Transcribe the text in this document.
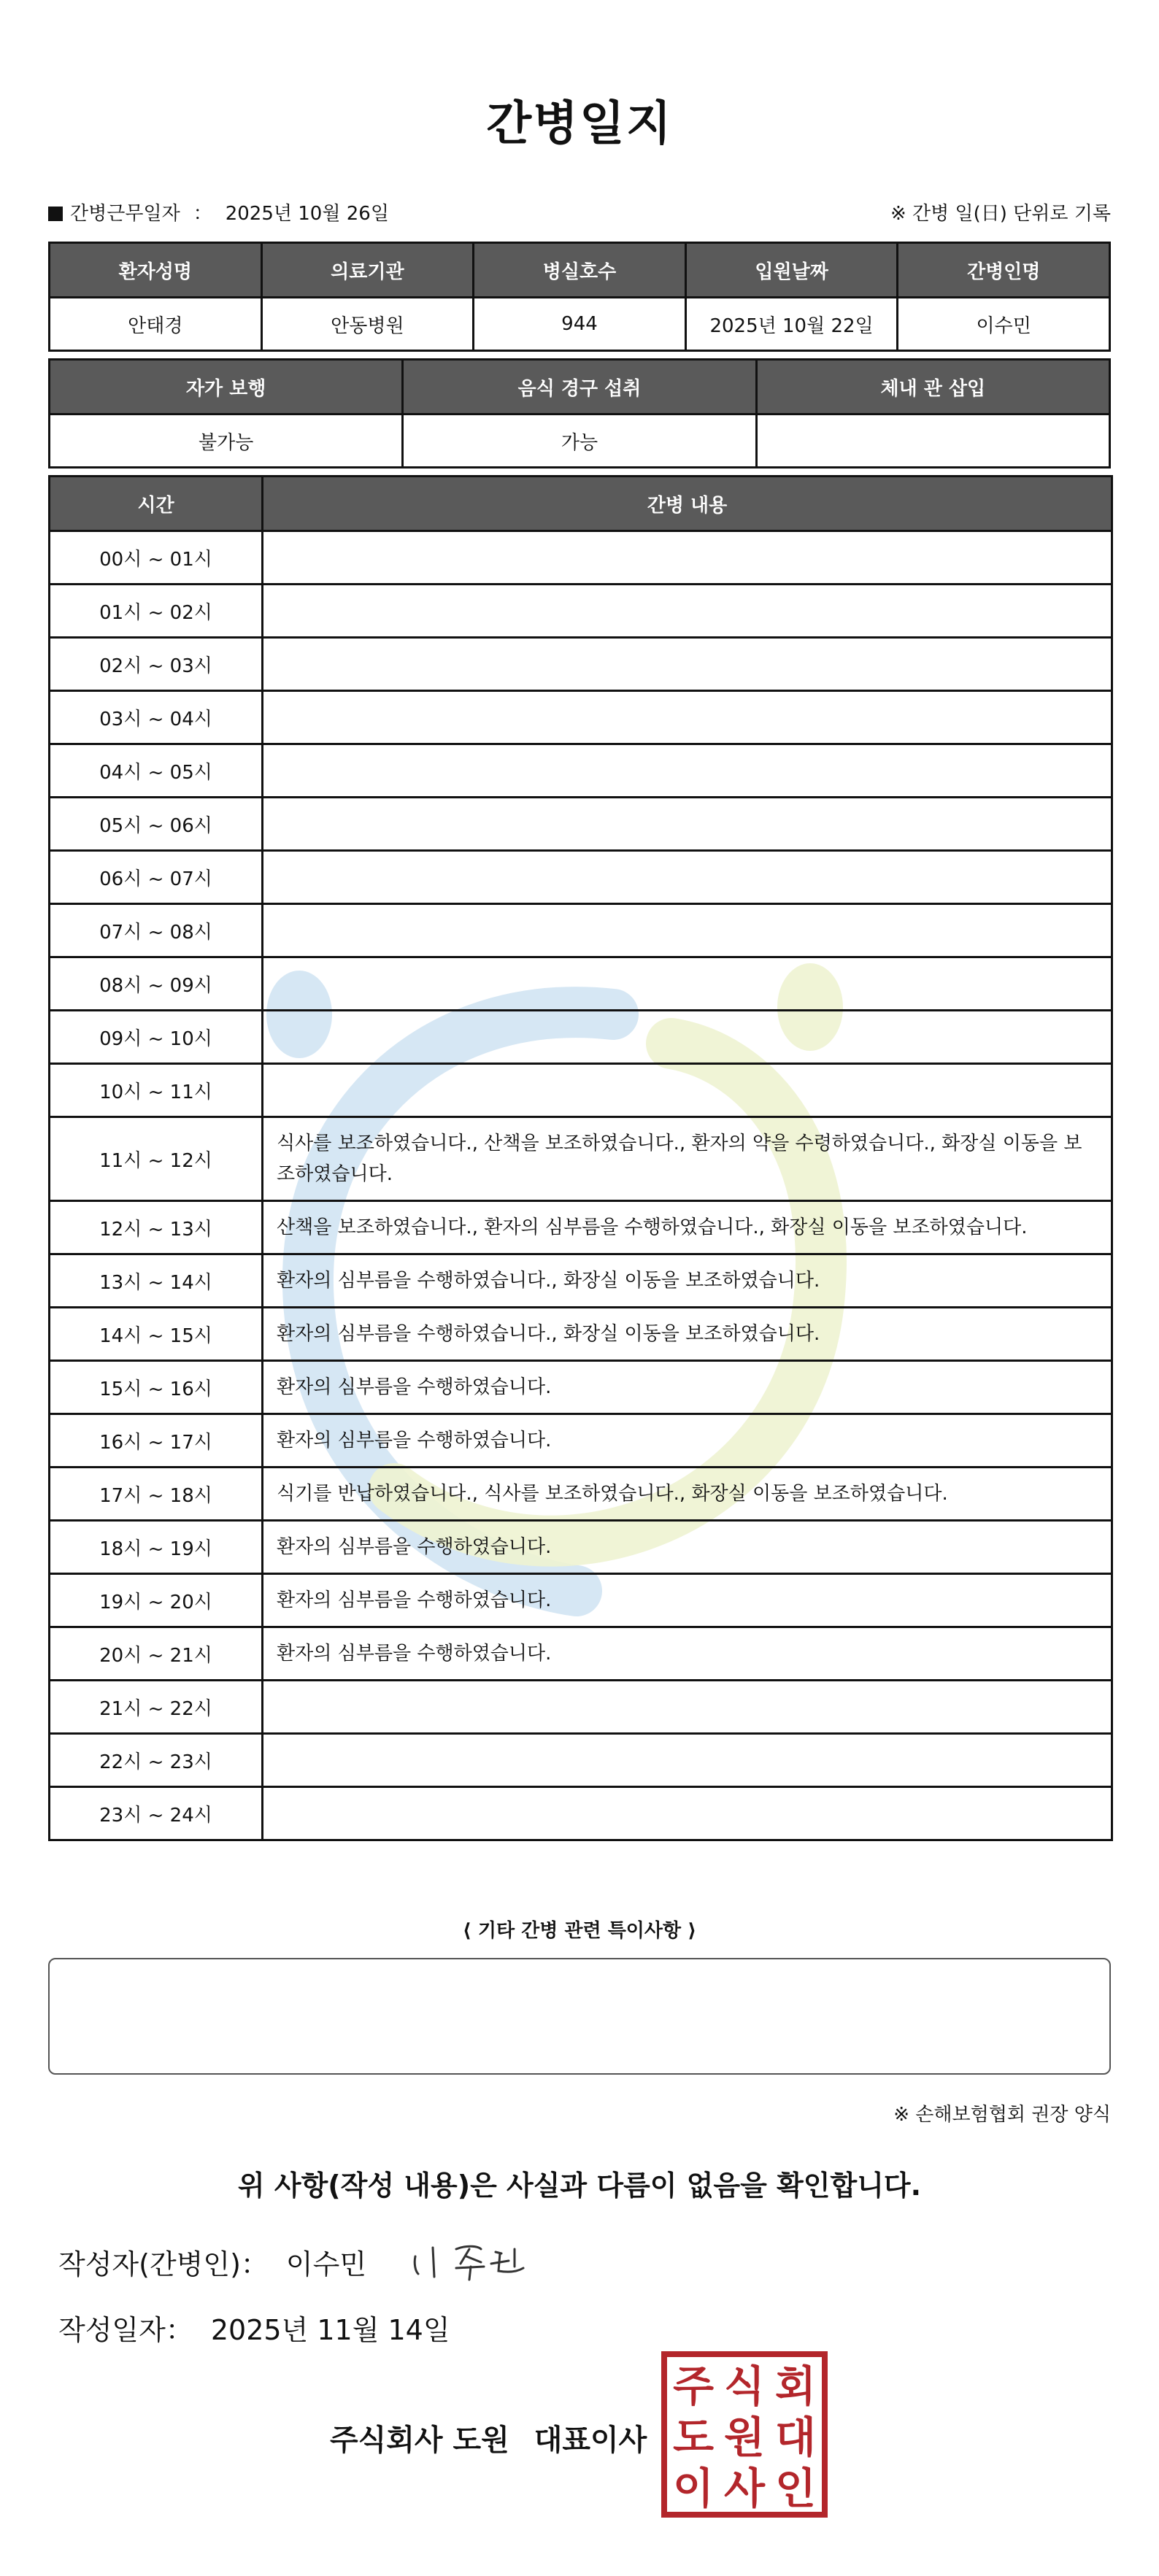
간병일지
간병근무일자 ： 2025년 10월 26일	※ 간병 일(日) 단위로 기록
환자성명	의료기관	병실호수	입원날짜	간병인명
안태경	안동병원	944	2025년 10월 22일	이수민
자가 보행	음식 경구 섭취	체내 관 삽입
불가능	가능	
시간	간병 내용
00시 ~ 01시	
01시 ~ 02시	
02시 ~ 03시	
03시 ~ 04시	
04시 ~ 05시	
05시 ~ 06시	
06시 ~ 07시	
07시 ~ 08시	
08시 ~ 09시	
09시 ~ 10시	
10시 ~ 11시	
11시 ~ 12시	식사를 보조하였습니다., 산책을 보조하였습니다., 환자의 약을 수령하였습니다., 화장실 이동을 보조하였습니다.
12시 ~ 13시	산책을 보조하였습니다., 환자의 심부름을 수행하였습니다., 화장실 이동을 보조하였습니다.
13시 ~ 14시	환자의 심부름을 수행하였습니다., 화장실 이동을 보조하였습니다.
14시 ~ 15시	환자의 심부름을 수행하였습니다., 화장실 이동을 보조하였습니다.
15시 ~ 16시	환자의 심부름을 수행하였습니다.
16시 ~ 17시	환자의 심부름을 수행하였습니다.
17시 ~ 18시	식기를 반납하였습니다., 식사를 보조하였습니다., 화장실 이동을 보조하였습니다.
18시 ~ 19시	환자의 심부름을 수행하였습니다.
19시 ~ 20시	환자의 심부름을 수행하였습니다.
20시 ~ 21시	환자의 심부름을 수행하였습니다.
21시 ~ 22시	
22시 ~ 23시	
23시 ~ 24시	
⟨ 기타 간병 관련 특이사항 ⟩
※ 손해보험협회 권장 양식
위 사항(작성 내용)은 사실과 다름이 없음을 확인합니다.
작성자(간병인)： 이수민
작성일자： 2025년 11월 14일
주식회사 도원 대표이사
주 식 회
도 원 대
이 사 인
